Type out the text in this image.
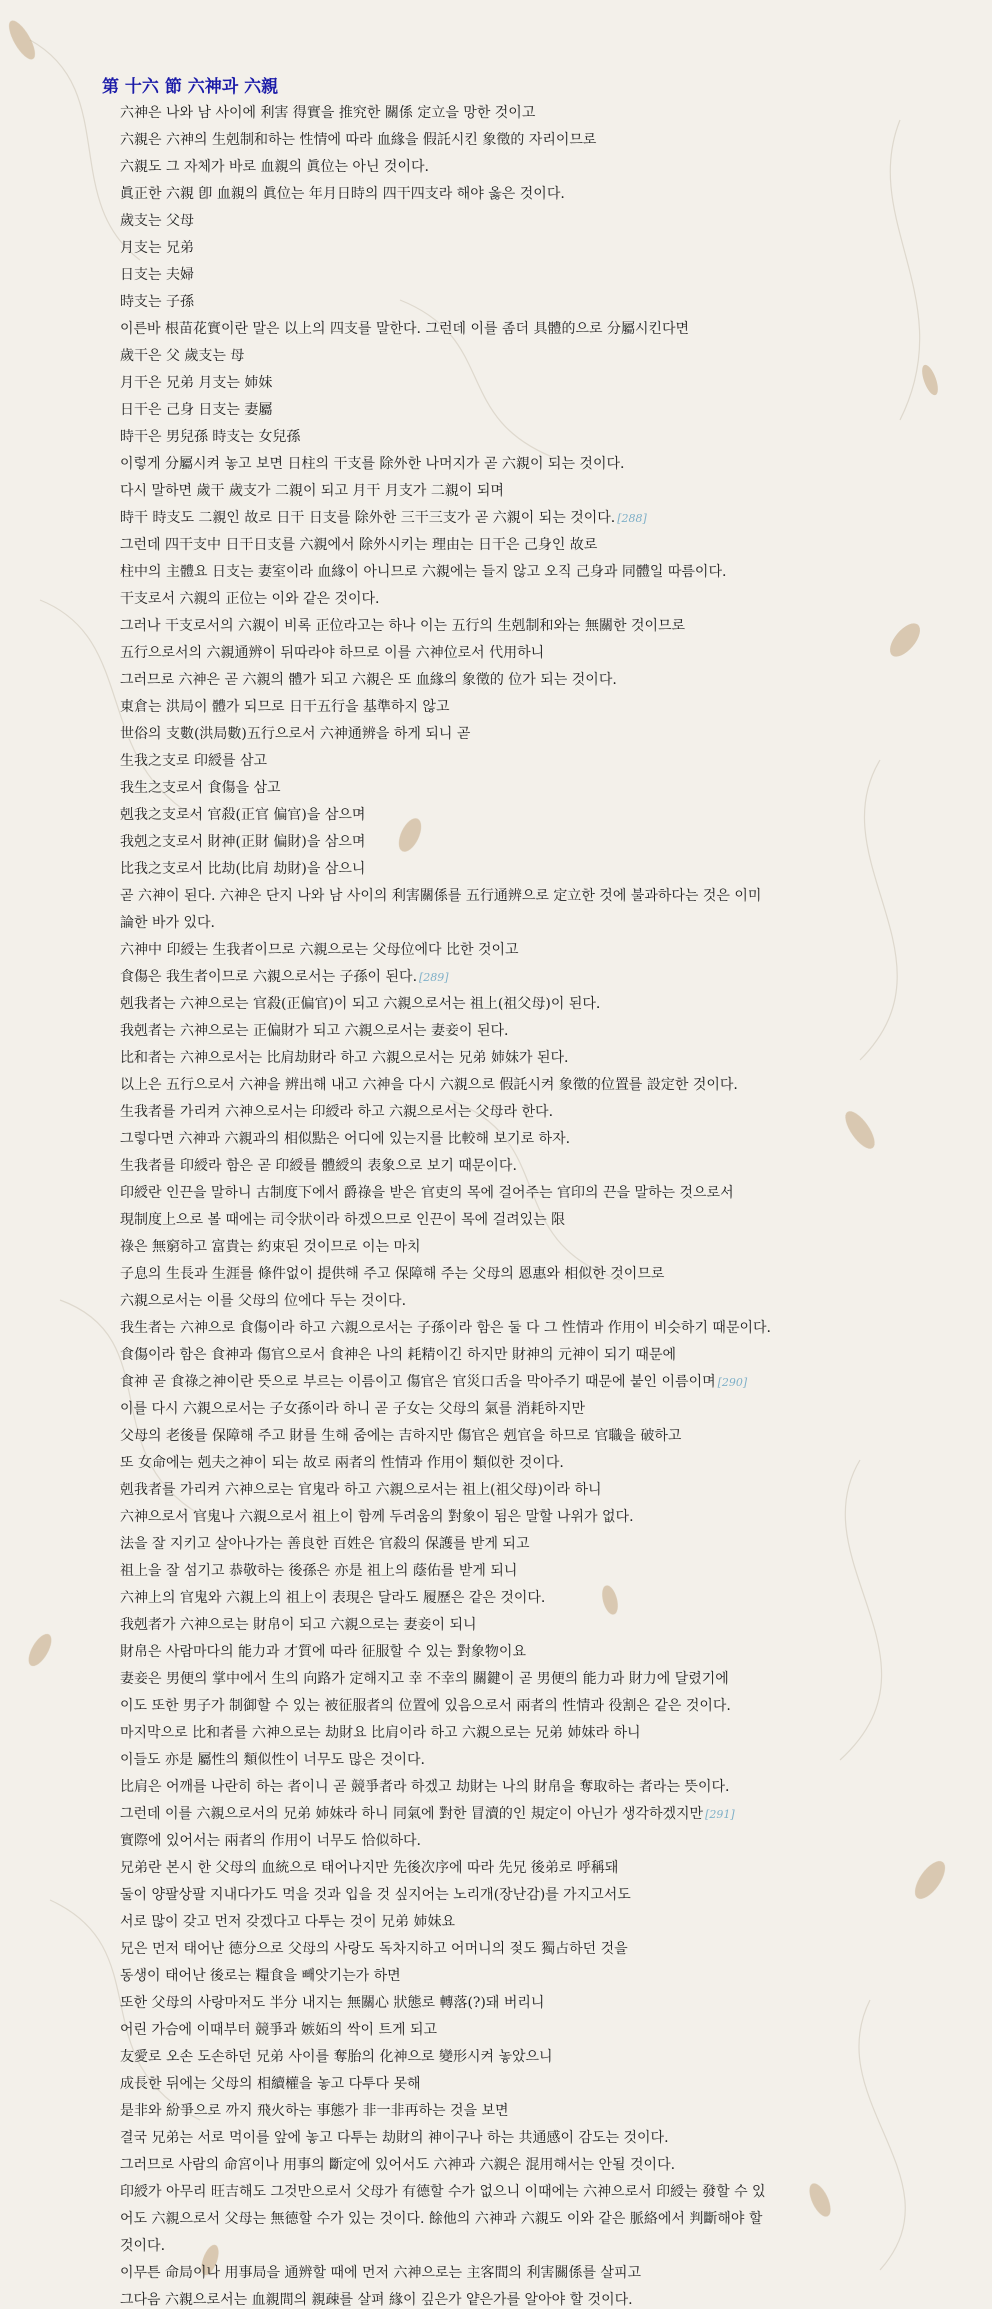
第 十六 節 六神과 六親
六神은 나와 남 사이에 利害 得實을 推究한 關係 定立을 망한 것이고
六親은 六神의 生剋制和하는 性情에 따라 血緣을 假託시킨 象徵的 자리이므로
六親도 그 자체가 바로 血親의 眞位는 아닌 것이다.
眞正한 六親 卽 血親의 眞位는 年月日時의 四干四支라 해야 옳은 것이다.
歲支는 父母
月支는 兄弟
日支는 夫婦
時支는 子孫
이른바 根苗花實이란 말은 以上의 四支를 말한다. 그런데 이를 좀더 具體的으로 分屬시킨다면
歲干은 父 歲支는 母
月干은 兄弟 月支는 姉妹
日干은 己身 日支는 妻屬
時干은 男兒孫 時支는 女兒孫
이렇게 分屬시켜 놓고 보면 日柱의 干支를 除外한 나머지가 곧 六親이 되는 것이다.
다시 말하면 歲干 歲支가 二親이 되고 月干 月支가 二親이 되며
時干 時支도 二親인 故로 日干 日支를 除外한 三干三支가 곧 六親이 되는 것이다. [288]
그런데 四干支中 日干日支를 六親에서 除外시키는 理由는 日干은 己身인 故로
柱中의 主體요 日支는 妻室이라 血緣이 아니므로 六親에는 들지 않고 오직 己身과 同體일 따름이다.
干支로서 六親의 正位는 이와 같은 것이다.
그러나 干支로서의 六親이 비록 正位라고는 하나 이는 五行의 生剋制和와는 無關한 것이므로
五行으로서의 六親通辨이 뒤따라야 하므로 이를 六神位로서 代用하니
그러므로 六神은 곧 六親의 體가 되고 六親은 또 血緣의 象徵的 位가 되는 것이다.
東倉는 洪局이 體가 되므로 日干五行을 基準하지 않고
世俗의 支數(洪局數)五行으로서 六神通辨을 하게 되니 곧
生我之支로 印綬를 삼고
我生之支로서 食傷을 삼고
剋我之支로서 官殺(正官 偏官)을 삼으며
我剋之支로서 財神(正財 偏財)을 삼으며
比我之支로서 比劫(比肩 劫財)을 삼으니
곧 六神이 된다. 六神은 단지 나와 남 사이의 利害關係를 五行通辨으로 定立한 것에 불과하다는 것은 이미
論한 바가 있다.
六神中 印綬는 生我者이므로 六親으로는 父母位에다 比한 것이고
食傷은 我生者이므로 六親으로서는 子孫이 된다. [289]
剋我者는 六神으로는 官殺(正偏官)이 되고 六親으로서는 祖上(祖父母)이 된다.
我剋者는 六神으로는 正偏財가 되고 六親으로서는 妻妾이 된다.
比和者는 六神으로서는 比肩劫財라 하고 六親으로서는 兄弟 姉妹가 된다.
以上은 五行으로서 六神을 辨出해 내고 六神을 다시 六親으로 假託시켜 象徵的位置를 設定한 것이다.
生我者를 가리켜 六神으로서는 印綬라 하고 六親으로서는 父母라 한다.
그렇다면 六神과 六親과의 相似點은 어디에 있는지를 比較해 보기로 하자.
生我者를 印綬라 함은 곧 印綬를 體綬의 表象으로 보기 때문이다.
印綬란 인끈을 말하니 古制度下에서 爵祿을 받은 官吏의 목에 걸어주는 官印의 끈을 말하는 것으로서
現制度上으로 볼 때에는 司令狀이라 하겠으므로 인끈이 목에 걸려있는 限
祿은 無窮하고 富貴는 約束된 것이므로 이는 마치
子息의 生長과 生涯를 條件없이 提供해 주고 保障해 주는 父母의 恩惠와 相似한 것이므로
六親으로서는 이를 父母의 位에다 두는 것이다.
我生者는 六神으로 食傷이라 하고 六親으로서는 子孫이라 함은 둘 다 그 性情과 作用이 비슷하기 때문이다.
食傷이라 함은 食神과 傷官으로서 食神은 나의 耗精이긴 하지만 財神의 元神이 되기 때문에
食神 곧 食祿之神이란 뜻으로 부르는 이름이고 傷官은 官災口舌을 막아주기 때문에 붙인 이름이며 [290]
이를 다시 六親으로서는 子女孫이라 하니 곧 子女는 父母의 氣를 消耗하지만
父母의 老後를 保障해 주고 財를 生해 줌에는 吉하지만 傷官은 剋官을 하므로 官職을 破하고
또 女命에는 剋夫之神이 되는 故로 兩者의 性情과 作用이 類似한 것이다.
剋我者를 가리켜 六神으로는 官鬼라 하고 六親으로서는 祖上(祖父母)이라 하니
六神으로서 官鬼나 六親으로서 祖上이 함께 두려움의 對象이 됨은 말할 나위가 없다.
法을 잘 지키고 살아나가는 善良한 百姓은 官殺의 保護를 받게 되고
祖上을 잘 섬기고 恭敬하는 後孫은 亦是 祖上의 蔭佑를 받게 되니
六神上의 官鬼와 六親上의 祖上이 表現은 달라도 履歷은 같은 것이다.
我剋者가 六神으로는 財帛이 되고 六親으로는 妻妾이 되니
財帛은 사람마다의 能力과 才質에 따라 征服할 수 있는 對象物이요
妻妾은 男便의 掌中에서 生의 向路가 定해지고 幸 不幸의 關鍵이 곧 男便의 能力과 財力에 달렸기에
이도 또한 男子가 制御할 수 있는 被征服者의 位置에 있음으로서 兩者의 性情과 役割은 같은 것이다.
마지막으로 比和者를 六神으로는 劫財요 比肩이라 하고 六親으로는 兄弟 姉妹라 하니
이들도 亦是 屬性의 類似性이 너무도 많은 것이다.
比肩은 어깨를 나란히 하는 者이니 곧 競爭者라 하겠고 劫財는 나의 財帛을 奪取하는 者라는 뜻이다.
그런데 이를 六親으로서의 兄弟 姉妹라 하니 同氣에 對한 冒瀆的인 規定이 아닌가 생각하겠지만 [291]
實際에 있어서는 兩者의 作用이 너무도 恰似하다.
兄弟란 본시 한 父母의 血統으로 태어나지만 先後次序에 따라 先兄 後弟로 呼稱돼
둘이 양팔상팔 지내다가도 먹을 것과 입을 것 싶지어는 노리개(장난감)를 가지고서도
서로 많이 갖고 먼저 갖겠다고 다투는 것이 兄弟 姉妹요
兄은 먼저 태어난 德分으로 父母의 사랑도 독차지하고 어머니의 젖도 獨占하던 것을
동생이 태어난 後로는 糧食을 빼앗기는가 하면
또한 父母의 사랑마저도 半分 내지는 無關心 狀態로 轉落(?)돼 버리니
어린 가슴에 이때부터 競爭과 嫉妬의 싹이 트게 되고
友愛로 오손 도손하던 兄弟 사이를 奪胎의 化神으로 變形시켜 놓았으니
成長한 뒤에는 父母의 相續權을 놓고 다투다 못해
是非와 紛爭으로 까지 飛火하는 事態가 非一非再하는 것을 보면
결국 兄弟는 서로 먹이를 앞에 놓고 다투는 劫財의 神이구나 하는 共通感이 감도는 것이다.
그러므로 사람의 命宮이나 用事의 斷定에 있어서도 六神과 六親은 混用해서는 안될 것이다.
印綬가 아무리 旺吉해도 그것만으로서 父母가 有德할 수가 없으니 이때에는 六神으로서 印綬는 發할 수 있
어도 六親으로서 父母는 無德할 수가 있는 것이다. 餘他의 六神과 六親도 이와 같은 脈絡에서 判斷해야 할
것이다.
이무튼 命局이나 用事局을 通辨할 때에 먼저 六神으로는 主客間의 利害關係를 살피고
그다음 六親으로서는 血親間의 親疎를 살펴 緣이 깊은가 얕은가를 알아야 할 것이다.
